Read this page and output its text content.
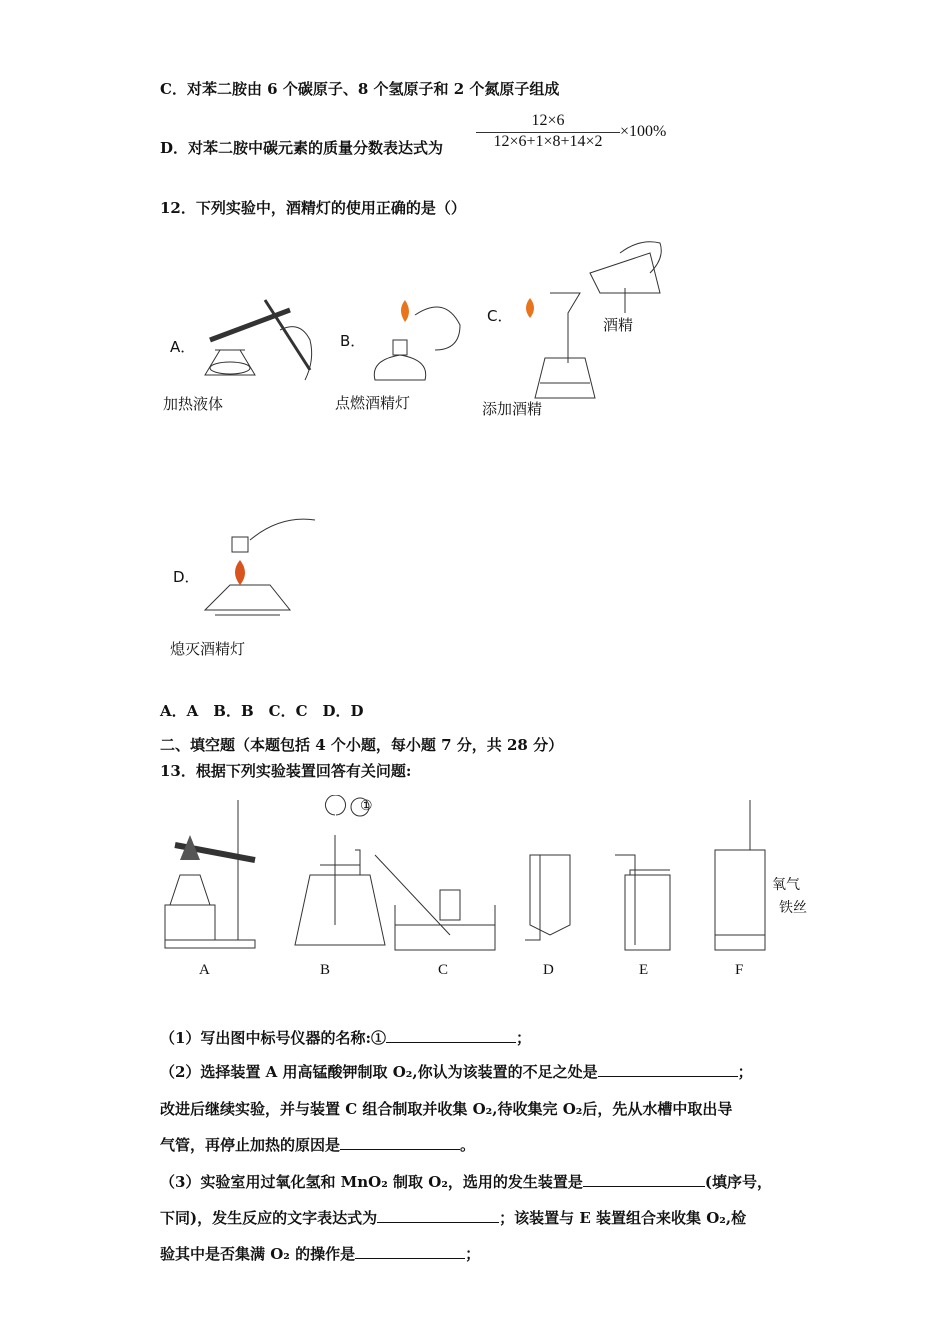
C．对苯二胺由 6 个碳原子、8 个氢原子和 2 个氮原子组成
D．对苯二胺中碳元素的质量分数表达式为 $\frac{12\times 6}{12\times 6+1\times 8+14\times 2} \times 100\%$
12．下列实验中，酒精灯的使用正确的是（）
A．
加热液体
B．
点燃酒精灯
C．	酒精
添加酒精
D．
熄灭酒精灯
A．A　B．B　C．C　D．D
二、填空题（本题包括 4 个小题，每小题 7 分，共 28 分）
13．根据下列实验装置回答有关问题:
①
氧气
铁丝
A	B	C	D	E	F
（1）写出图中标号仪器的名称:①	；
（2）选择装置 A 用高锰酸钾制取 O₂,你认为该装置的不足之处是	；
改进后继续实验，并与装置 C 组合制取并收集 O₂,待收集完 O₂后，先从水槽中取出导
气管，再停止加热的原因是	。
（3）实验室用过氧化氢和 MnO₂ 制取 O₂，选用的发生装置是	(填序号，
下同)，发生反应的文字表达式为	；该装置与 E 装置组合来收集 O₂,检
验其中是否集满 O₂ 的操作是	；
